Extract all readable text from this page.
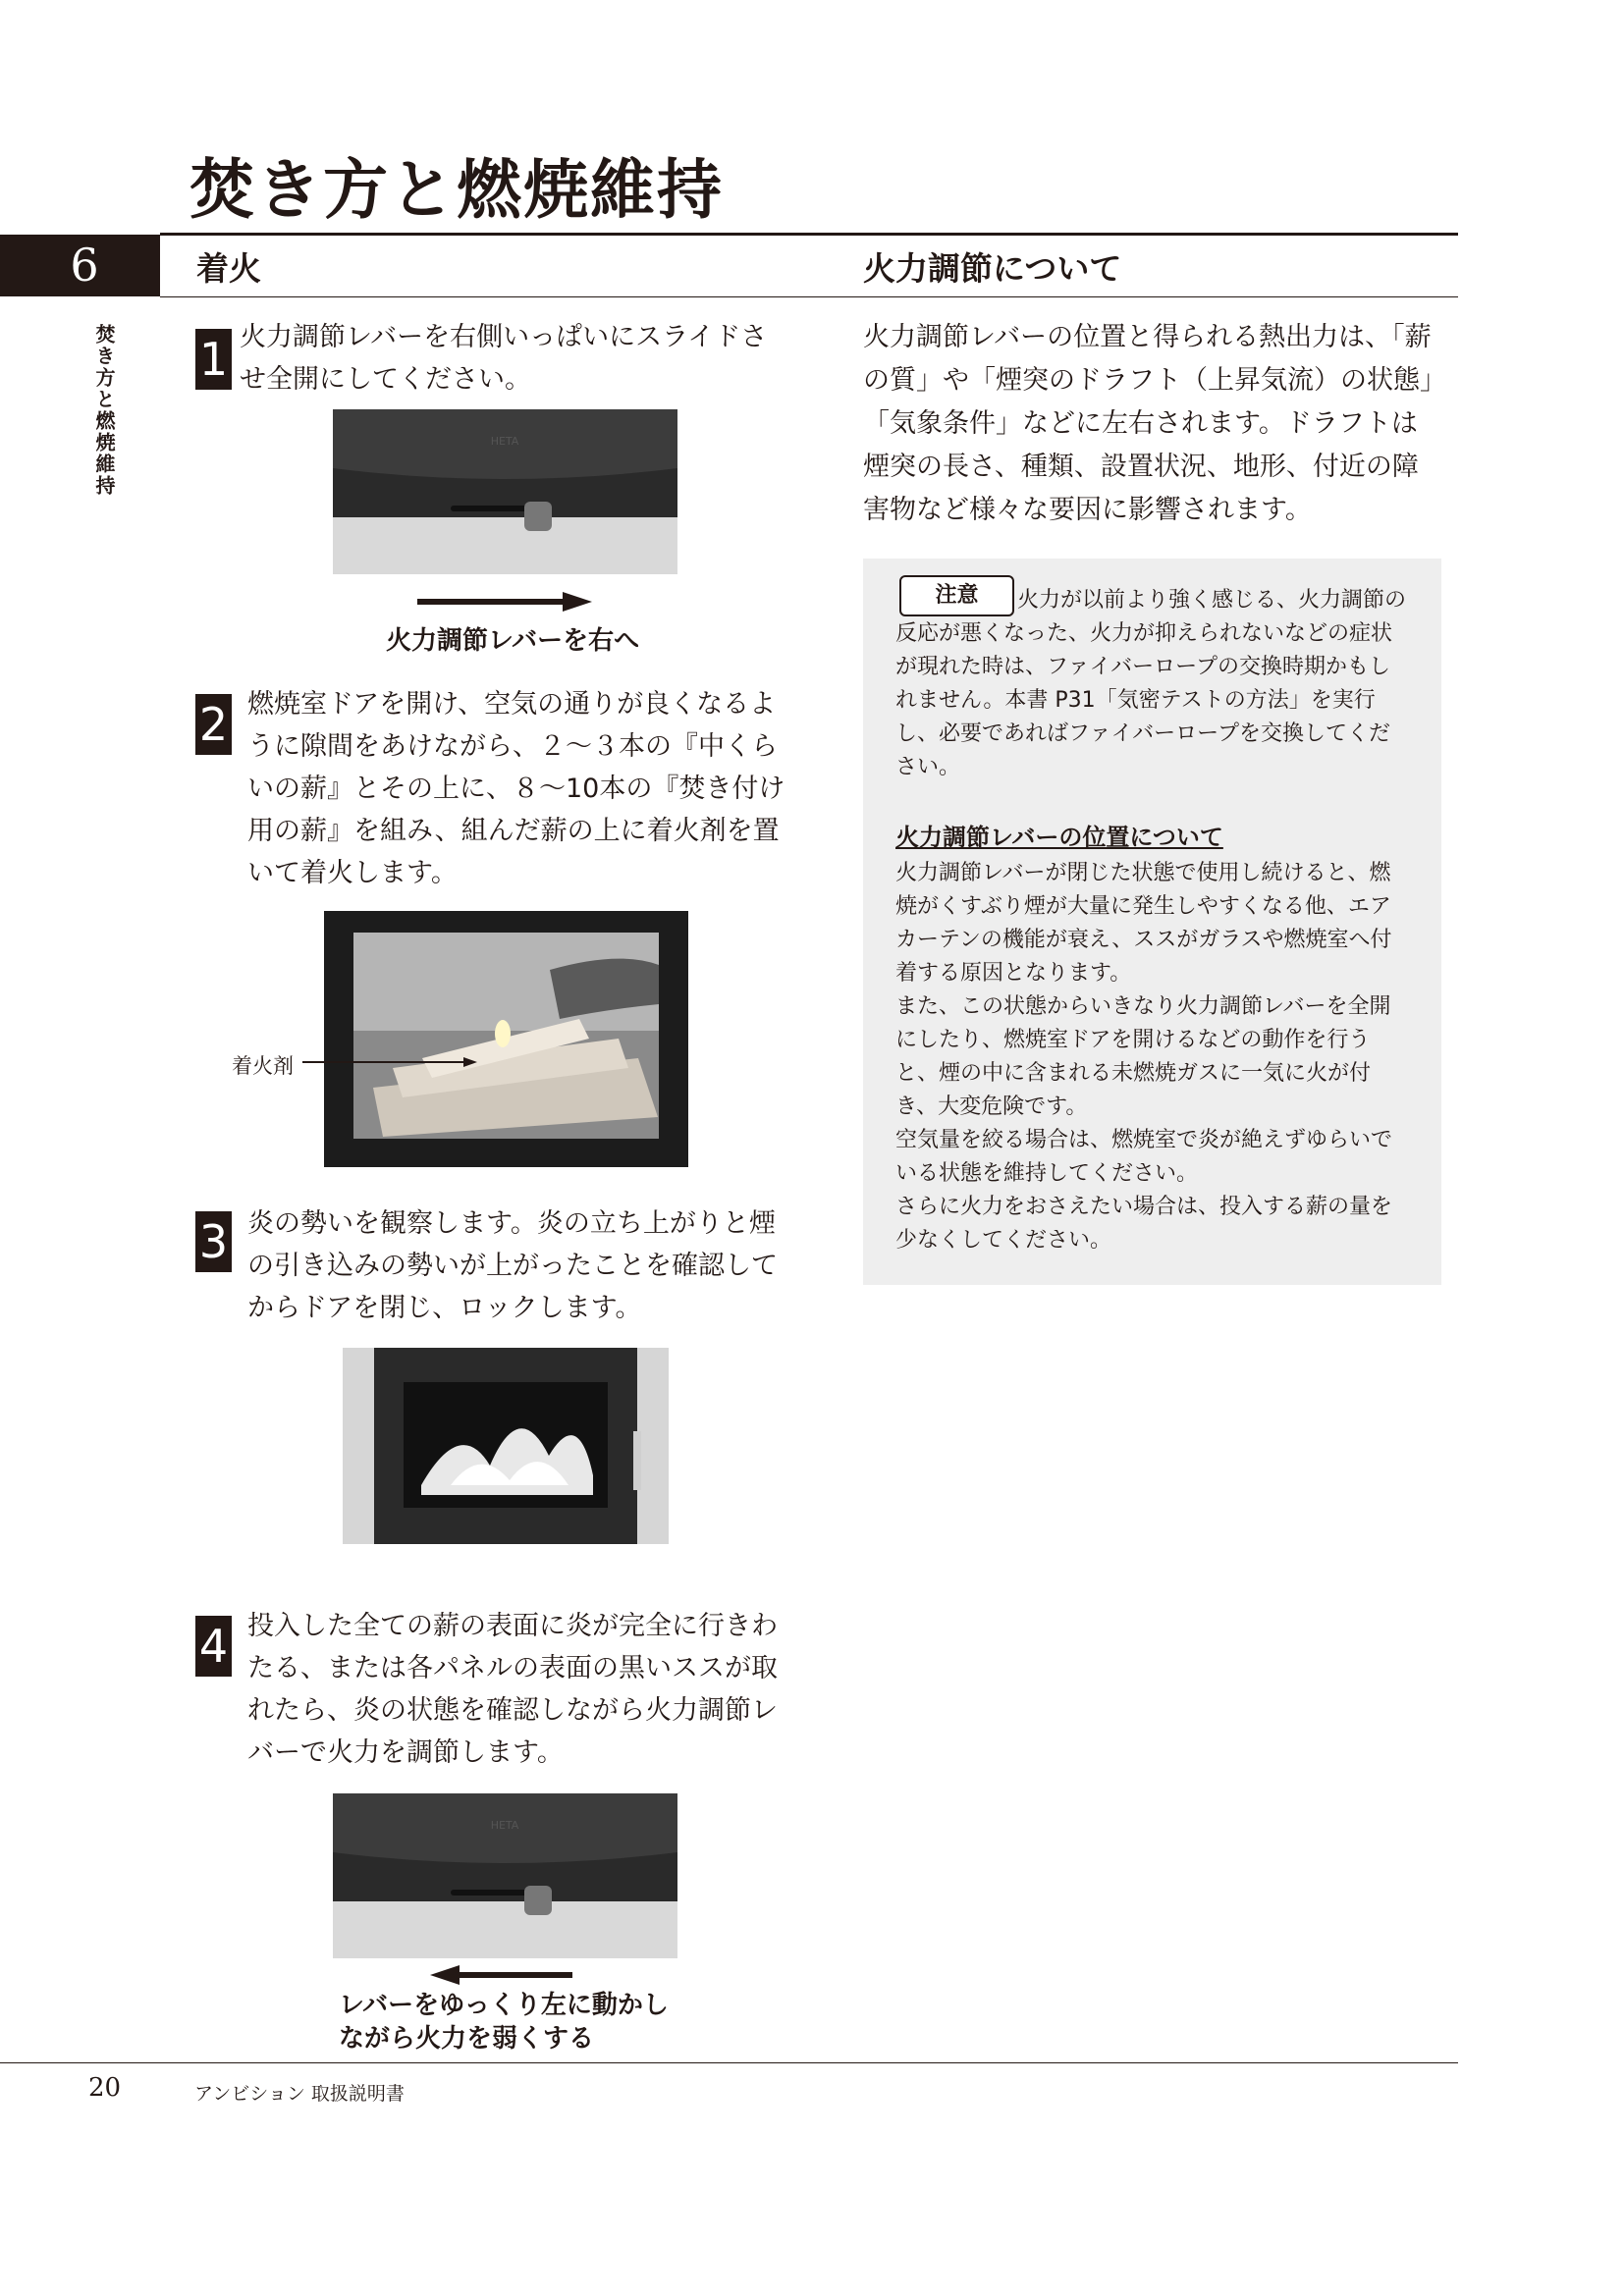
焚き方と燃焼維持
6
焚き方と燃焼維持
着火	火力調節について
1 火力調節レバーを右側いっぱいにスライドさせ全開にしてください。
HETA
火力調節レバーを右へ
2 燃焼室ドアを開け、空気の通りが良くなるように隙間をあけながら、２～３本の『中くらいの薪』とその上に、８～10本の『焚き付け用の薪』を組み、組んだ薪の上に着火剤を置いて着火します。
着火剤
3 炎の勢いを観察します。炎の立ち上がりと煙の引き込みの勢いが上がったことを確認してからドアを閉じ、ロックします。
4 投入した全ての薪の表面に炎が完全に行きわたる、または各パネルの表面の黒いススが取れたら、炎の状態を確認しながら火力調節レバーで火力を調節します。
HETA
レバーをゆっくり左に動かし
ながら火力を弱くする
火力調節レバーの位置と得られる熱出力は、「薪の質」や「煙突のドラフト（上昇気流）の状態」「気象条件」などに左右されます。ドラフトは煙突の長さ、種類、設置状況、地形、付近の障害物など様々な要因に影響されます。
注意	火力が以前より強く感じる、火力調節の反応が悪くなった、火力が抑えられないなどの症状が現れた時は、ファイバーロープの交換時期かもしれません。本書 P31「気密テストの方法」を実行し、必要であればファイバーロープを交換してください。
火力調節レバーの位置について
火力調節レバーが閉じた状態で使用し続けると、燃焼がくすぶり煙が大量に発生しやすくなる他、エアカーテンの機能が衰え、ススがガラスや燃焼室へ付着する原因となります。
また、この状態からいきなり火力調節レバーを全開にしたり、燃焼室ドアを開けるなどの動作を行うと、煙の中に含まれる未燃焼ガスに一気に火が付き、大変危険です。
空気量を絞る場合は、燃焼室で炎が絶えずゆらいでいる状態を維持してください。
さらに火力をおさえたい場合は、投入する薪の量を少なくしてください。
20	アンビション 取扱説明書
